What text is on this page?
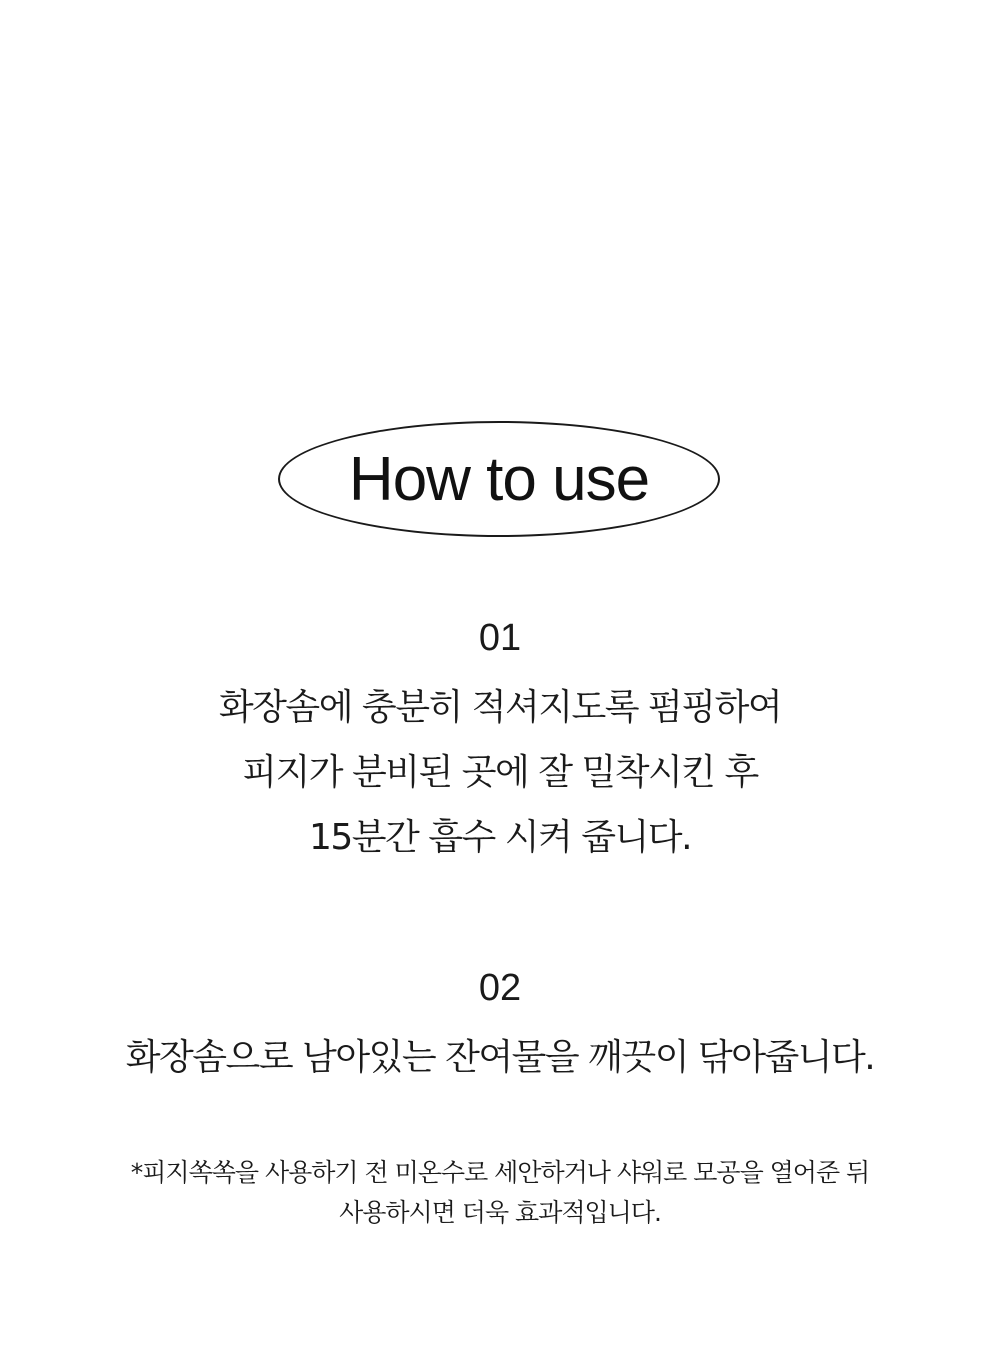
How to use
01
화장솜에 충분히 적셔지도록 펌핑하여
피지가 분비된 곳에 잘 밀착시킨 후
15분간 흡수 시켜 줍니다.
02
화장솜으로 남아있는 잔여물을 깨끗이 닦아줍니다.
*피지쏙쏙을 사용하기 전 미온수로 세안하거나 샤워로 모공을 열어준 뒤
사용하시면 더욱 효과적입니다.
